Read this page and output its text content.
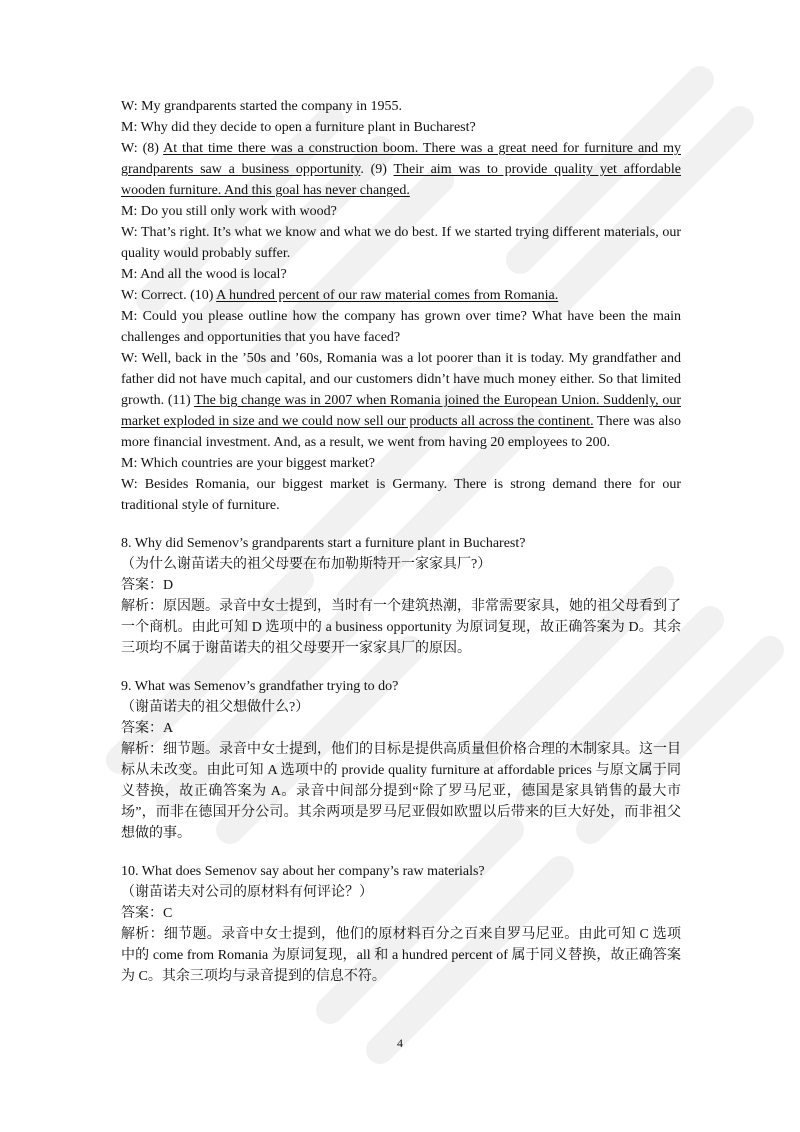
W: My grandparents started the company in 1955.

M: Why did they decide to open a furniture plant in Bucharest?

W: (8) At that time there was a construction boom. There was a great need for furniture and my grandparents saw a business opportunity. (9) Their aim was to provide quality yet affordable wooden furniture. And this goal has never changed.

M: Do you still only work with wood?

W: That’s right. It’s what we know and what we do best. If we started trying different materials, our quality would probably suffer.

M: And all the wood is local?

W: Correct. (10) A hundred percent of our raw material comes from Romania.

M: Could you please outline how the company has grown over time? What have been the main challenges and opportunities that you have faced?

W: Well, back in the ’50s and ’60s, Romania was a lot poorer than it is today. My grandfather and father did not have much capital, and our customers didn’t have much money either. So that limited growth. (11) The big change was in 2007 when Romania joined the European Union. Suddenly, our market exploded in size and we could now sell our products all across the continent. There was also more financial investment. And, as a result, we went from having 20 employees to 200.

M: Which countries are your biggest market?

W: Besides Romania, our biggest market is Germany. There is strong demand there for our traditional style of furniture.

8. Why did Semenov’s grandparents start a furniture plant in Bucharest?

（为什么谢苗诺夫的祖父母要在布加勒斯特开一家家具厂?）

答案：D

解析：原因题。录音中女士提到，当时有一个建筑热潮，非常需要家具，她的祖父母看到了一个商机。由此可知 D 选项中的 a business opportunity 为原词复现，故正确答案为 D。其余三项均不属于谢苗诺夫的祖父母要开一家家具厂的原因。

9. What was Semenov’s grandfather trying to do?

（谢苗诺夫的祖父想做什么?）

答案：A

解析：细节题。录音中女士提到，他们的目标是提供高质量但价格合理的木制家具。这一目标从未改变。由此可知 A 选项中的 provide quality furniture at affordable prices 与原文属于同义替换，故正确答案为 A。录音中间部分提到“除了罗马尼亚，德国是家具销售的最大市场”，而非在德国开分公司。其余两项是罗马尼亚假如欧盟以后带来的巨大好处，而非祖父想做的事。

10. What does Semenov say about her company’s raw materials?

（谢苗诺夫对公司的原材料有何评论？）

答案：C

解析：细节题。录音中女士提到，他们的原材料百分之百来自罗马尼亚。由此可知 C 选项中的 come from Romania 为原词复现，all 和 a hundred percent of 属于同义替换，故正确答案为 C。其余三项均与录音提到的信息不符。

4
